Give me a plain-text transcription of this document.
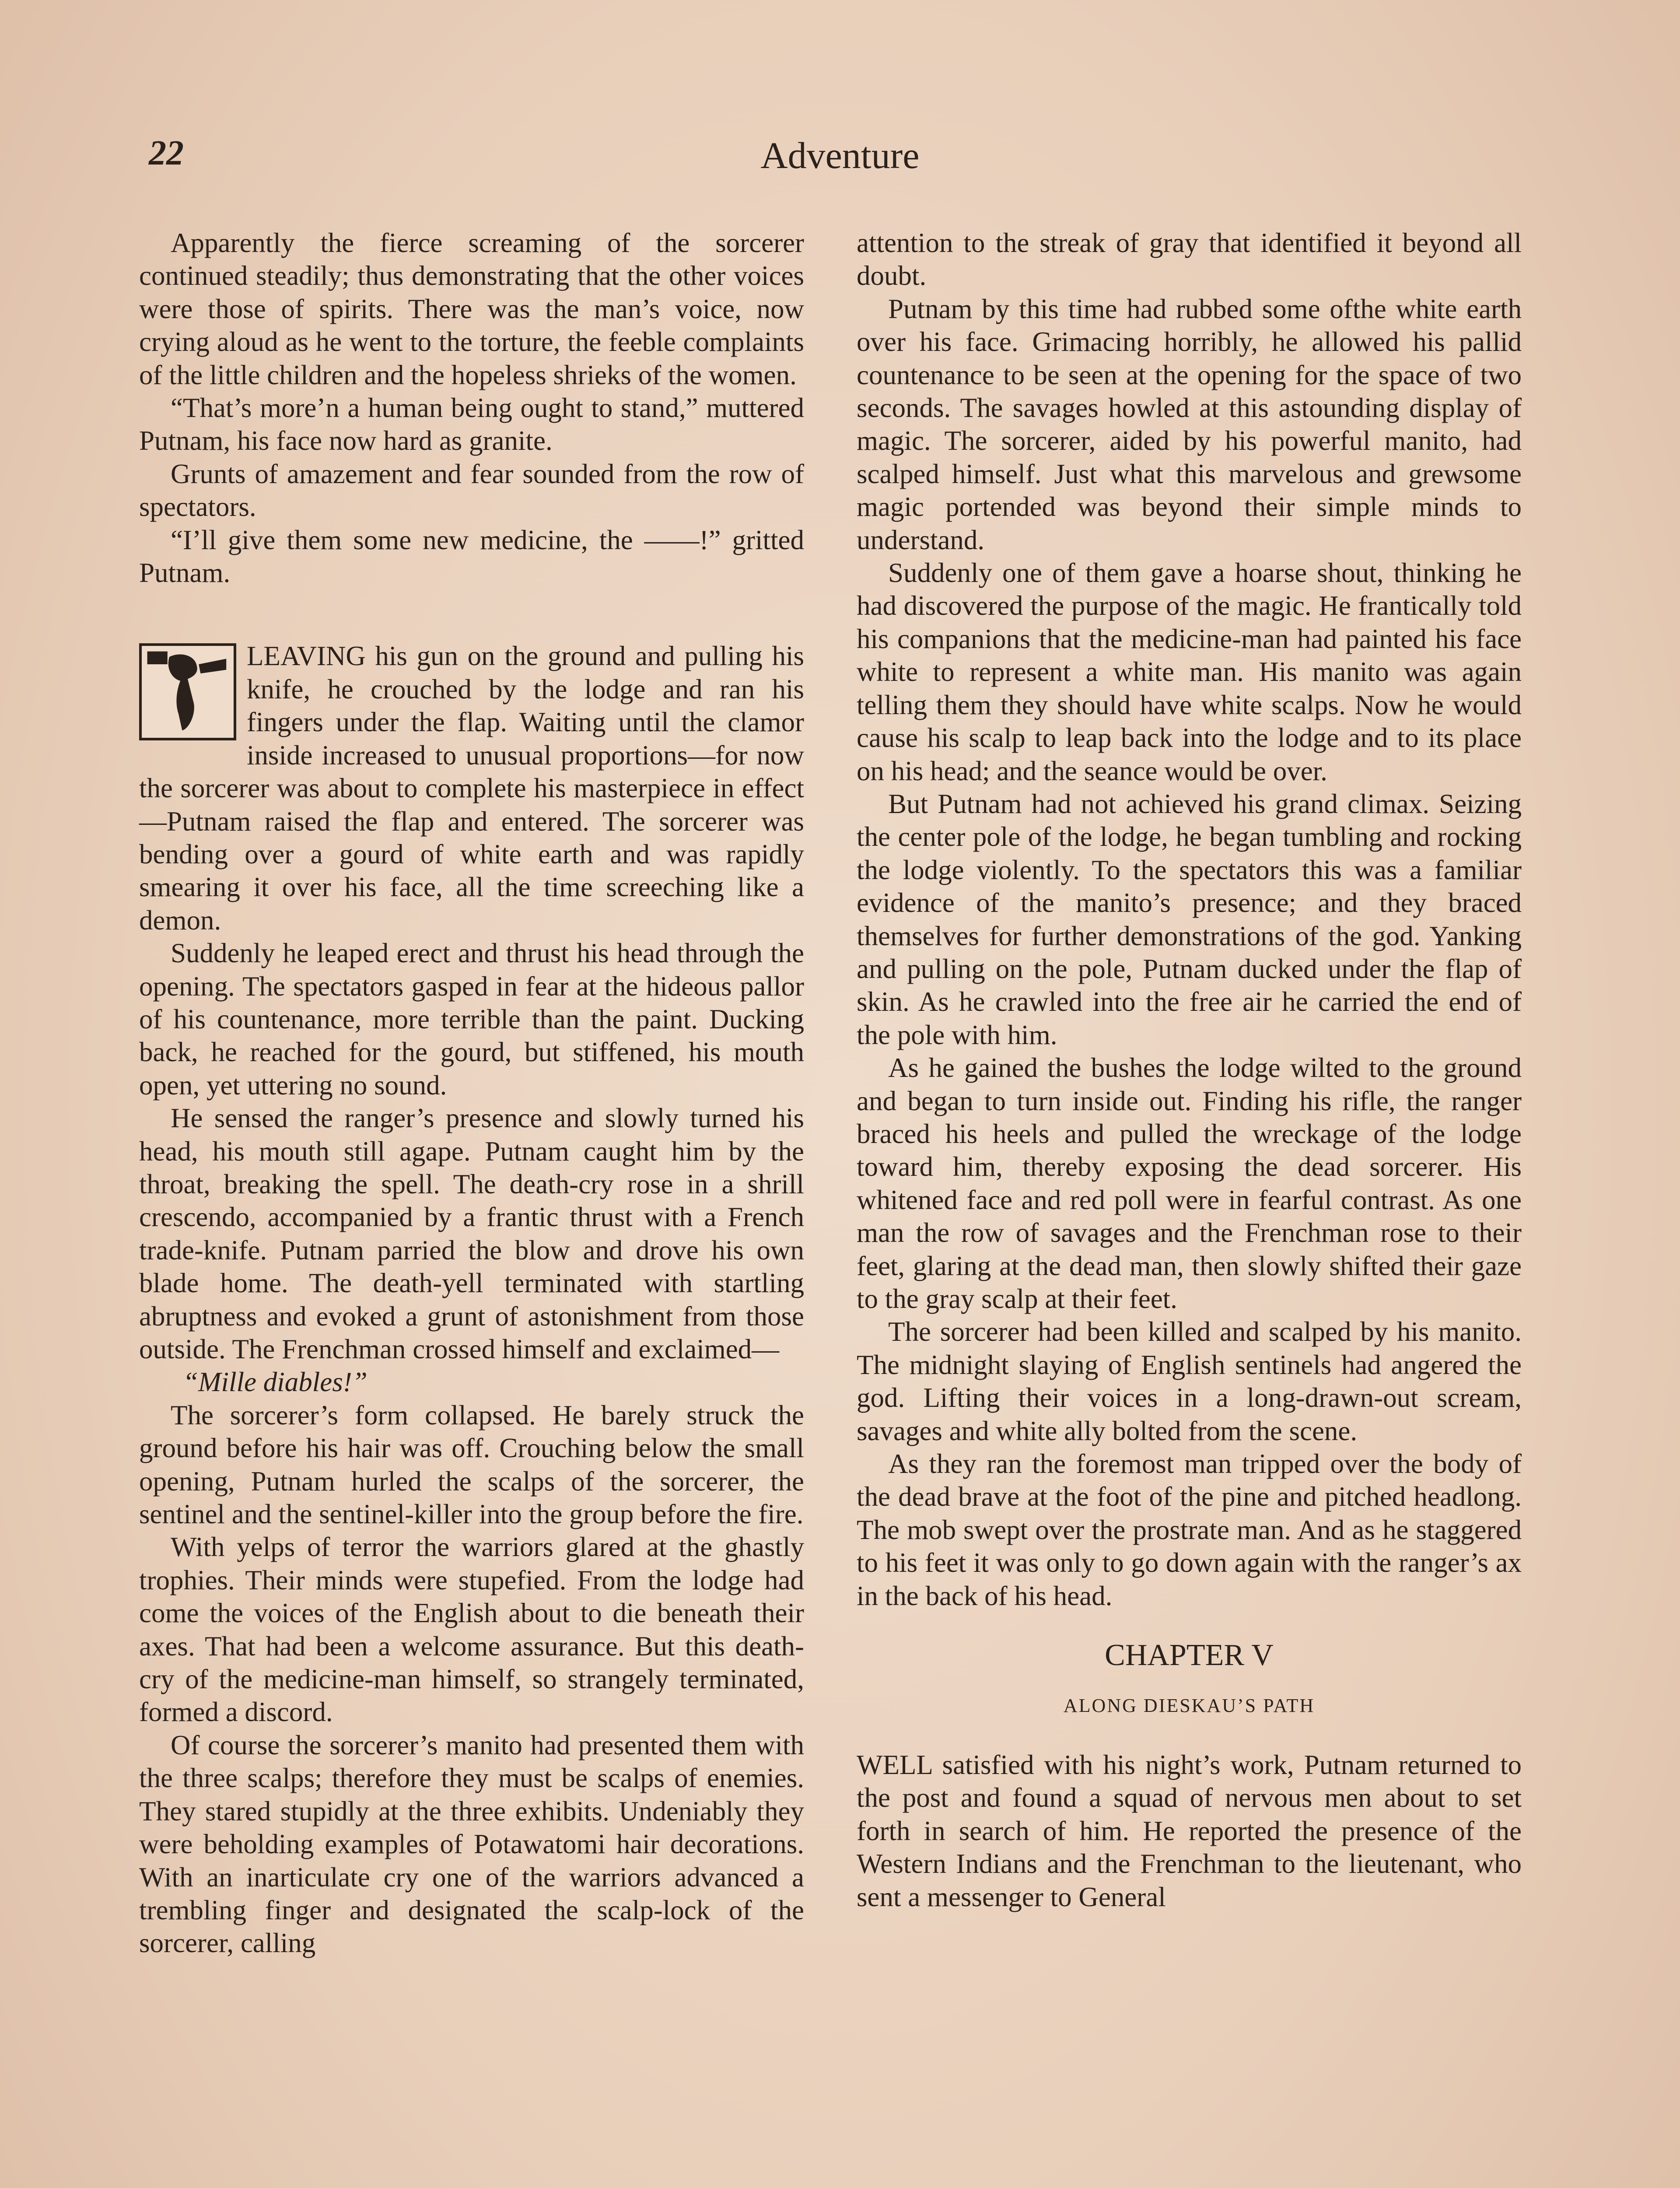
22	Adventure

Apparently the fierce screaming of the sorcerer continued steadily; thus demonstrating that the other voices were those of spirits. There was the man’s voice, now crying aloud as he went to the torture, the feeble complaints of the little children and the hopeless shrieks of the women.

“That’s more’n a human being ought to stand,” muttered Putnam, his face now hard as granite.

Grunts of amazement and fear sounded from the row of spectators.

“I’ll give them some new medicine, the ——!” gritted Putnam.

LEAVING his gun on the ground and pulling his knife, he crouched by the lodge and ran his fingers under the flap. Waiting until the clamor inside increased to unusual proportions—for now the sorcerer was about to complete his masterpiece in effect—Putnam raised the flap and entered. The sorcerer was bending over a gourd of white earth and was rapidly smearing it over his face, all the time screeching like a demon.

Suddenly he leaped erect and thrust his head through the opening. The spectators gasped in fear at the hideous pallor of his countenance, more terrible than the paint. Ducking back, he reached for the gourd, but stiffened, his mouth open, yet uttering no sound.

He sensed the ranger’s presence and slowly turned his head, his mouth still agape. Putnam caught him by the throat, breaking the spell. The death-cry rose in a shrill crescendo, accompanied by a frantic thrust with a French trade-knife. Putnam parried the blow and drove his own blade home. The death-yell terminated with startling abruptness and evoked a grunt of astonishment from those outside. The Frenchman crossed himself and exclaimed—

“Mille diables!”

The sorcerer’s form collapsed. He barely struck the ground before his hair was off. Crouching below the small opening, Putnam hurled the scalps of the sorcerer, the sentinel and the sentinel-killer into the group before the fire.

With yelps of terror the warriors glared at the ghastly trophies. Their minds were stupefied. From the lodge had come the voices of the English about to die beneath their axes. That had been a welcome assurance. But this death-cry of the medicine-man himself, so strangely terminated, formed a discord.

Of course the sorcerer’s manito had presented them with the three scalps; therefore they must be scalps of enemies. They stared stupidly at the three exhibits. Undeniably they were beholding examples of Potawatomi hair decorations. With an inarticulate cry one of the warriors advanced a trembling finger and designated the scalp-lock of the sorcerer, calling

attention to the streak of gray that identified it beyond all doubt.

Putnam by this time had rubbed some ofthe white earth over his face. Grimacing horribly, he allowed his pallid countenance to be seen at the opening for the space of two seconds. The savages howled at this astounding display of magic. The sorcerer, aided by his powerful manito, had scalped himself. Just what this marvelous and grewsome magic portended was beyond their simple minds to understand.

Suddenly one of them gave a hoarse shout, thinking he had discovered the purpose of the magic. He frantically told his companions that the medicine-man had painted his face white to represent a white man. His manito was again telling them they should have white scalps. Now he would cause his scalp to leap back into the lodge and to its place on his head; and the seance would be over.

But Putnam had not achieved his grand climax. Seizing the center pole of the lodge, he began tumbling and rocking the lodge violently. To the spectators this was a familiar evidence of the manito’s presence; and they braced themselves for further demonstrations of the god. Yanking and pulling on the pole, Putnam ducked under the flap of skin. As he crawled into the free air he carried the end of the pole with him.

As he gained the bushes the lodge wilted to the ground and began to turn inside out. Finding his rifle, the ranger braced his heels and pulled the wreckage of the lodge toward him, thereby exposing the dead sorcerer. His whitened face and red poll were in fearful contrast. As one man the row of savages and the Frenchman rose to their feet, glaring at the dead man, then slowly shifted their gaze to the gray scalp at their feet.

The sorcerer had been killed and scalped by his manito. The midnight slaying of English sentinels had angered the god. Lifting their voices in a long-drawn-out scream, savages and white ally bolted from the scene.

As they ran the foremost man tripped over the body of the dead brave at the foot of the pine and pitched headlong. The mob swept over the prostrate man. And as he staggered to his feet it was only to go down again with the ranger’s ax in the back of his head.

CHAPTER V
ALONG DIESKAU’S PATH

WELL satisfied with his night’s work, Putnam returned to the post and found a squad of nervous men about to set forth in search of him. He reported the presence of the Western Indians and the Frenchman to the lieutenant, who sent a messenger to General
